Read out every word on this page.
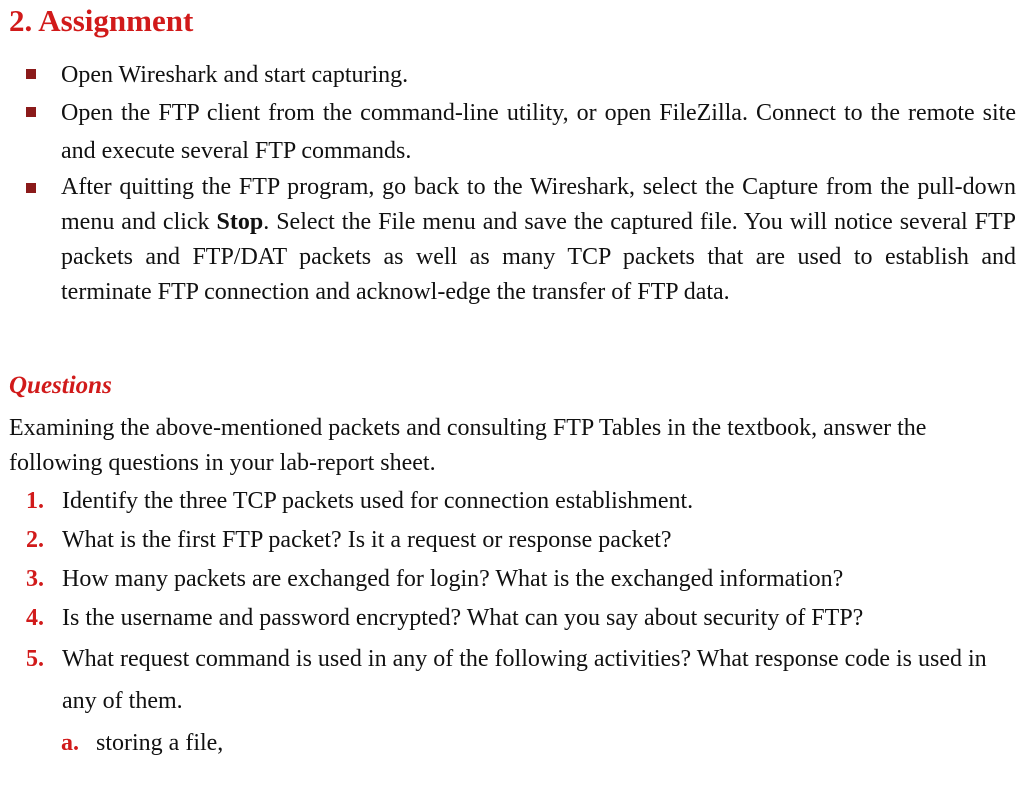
2. Assignment
Open Wireshark and start capturing.
Open the FTP client from the command-line utility, or open FileZilla. Connect to the remote site and execute several FTP commands.
After quitting the FTP program, go back to the Wireshark, select the Capture from the pull-down menu and click Stop. Select the File menu and save the captured file. You will notice several FTP packets and FTP/DAT packets as well as many TCP packets that are used to establish and terminate FTP connection and acknowl-edge the transfer of FTP data.
Questions
Examining the above-mentioned packets and consulting FTP Tables in the textbook, answer the following questions in your lab-report sheet.
1. Identify the three TCP packets used for connection establishment.
2. What is the first FTP packet? Is it a request or response packet?
3. How many packets are exchanged for login? What is the exchanged information?
4. Is the username and password encrypted? What can you say about security of FTP?
5. What request command is used in any of the following activities? What response code is used in any of them.
a. storing a file,
